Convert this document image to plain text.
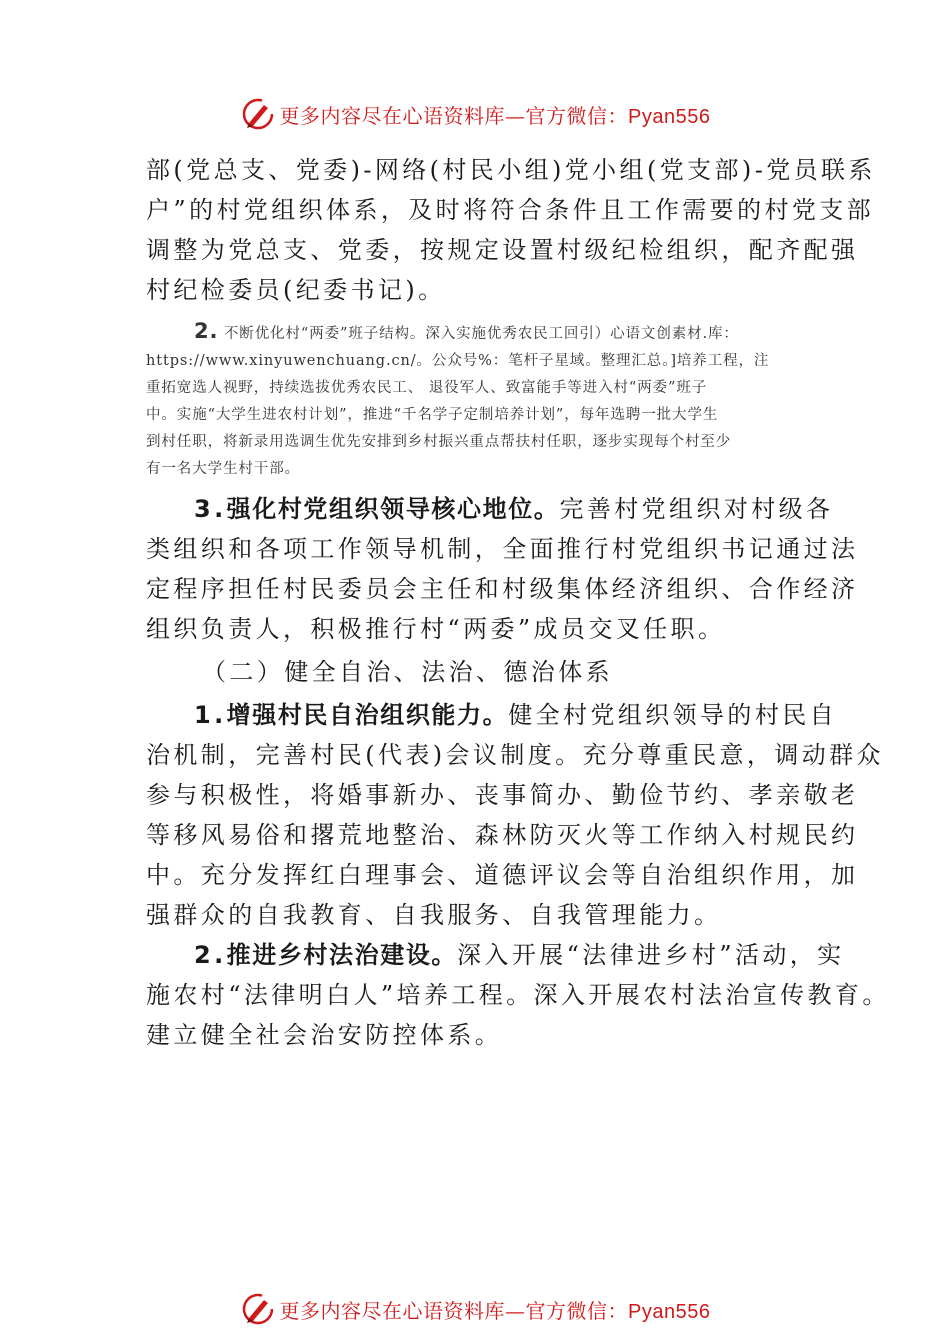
更多内容尽在心语资料库—官方微信：Pyan556

部(党总支、党委)-网络(村民小组)党小组(党支部)-党员联系
户”的村党组织体系，及时将符合条件且工作需要的村党支部
调整为党总支、党委，按规定设置村级纪检组织，配齐配强
村纪检委员(纪委书记)。

2. 不断优化村“两委”班子结构。深入实施优秀农民工回引）心语文创素材.库：
https://www.xinyuwenchuang.cn/。公众号%：笔杆子星域。整理汇总。]培养工程，注
重拓宽选人视野，持续选拔优秀农民工、 退役军人、致富能手等进入村“两委”班子
中。实施“大学生进农村计划”，推进“千名学子定制培养计划”，每年选聘一批大学生
到村任职，将新录用选调生优先安排到乡村振兴重点帮扶村任职，逐步实现每个村至少
有一名大学生村干部。

3.强化村党组织领导核心地位。完善村党组织对村级各
类组织和各项工作领导机制，全面推行村党组织书记通过法
定程序担任村民委员会主任和村级集体经济组织、合作经济
组织负责人，积极推行村“两委”成员交叉任职。

（二）健全自治、法治、德治体系

1.增强村民自治组织能力。健全村党组织领导的村民自
治机制，完善村民(代表)会议制度。充分尊重民意，调动群众
参与积极性，将婚事新办、丧事简办、勤俭节约、孝亲敬老
等移风易俗和撂荒地整治、森林防灭火等工作纳入村规民约
中。充分发挥红白理事会、道德评议会等自治组织作用，加
强群众的自我教育、自我服务、自我管理能力。

2.推进乡村法治建设。深入开展“法律进乡村”活动，实
施农村“法律明白人”培养工程。深入开展农村法治宣传教育。
建立健全社会治安防控体系。

更多内容尽在心语资料库—官方微信：Pyan556
